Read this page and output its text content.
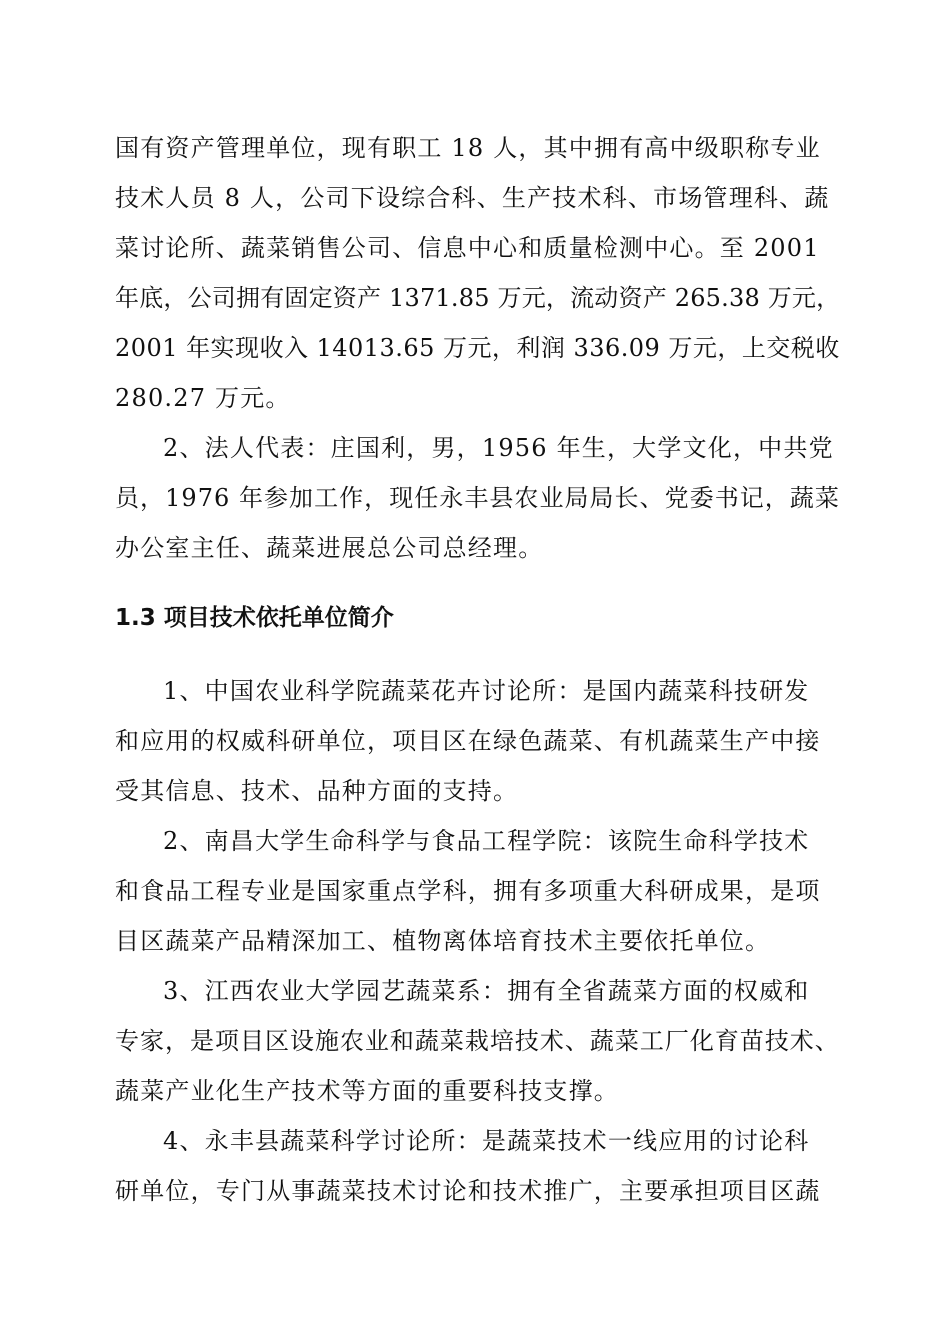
国有资产管理单位，现有职工 18 人，其中拥有高中级职称专业
技术人员 8 人，公司下设综合科、生产技术科、市场管理科、蔬
菜讨论所、蔬菜销售公司、信息中心和质量检测中心。至 2001
年底，公司拥有固定资产 1371.85 万元，流动资产 265.38 万元，
2001 年实现收入 14013.65 万元，利润 336.09 万元，上交税收
280.27 万元。
2、法人代表：庄国利，男，1956 年生，大学文化，中共党
员，1976 年参加工作，现任永丰县农业局局长、党委书记，蔬菜
办公室主任、蔬菜进展总公司总经理。
1.3 项目技术依托单位简介
1、中国农业科学院蔬菜花卉讨论所：是国内蔬菜科技研发
和应用的权威科研单位，项目区在绿色蔬菜、有机蔬菜生产中接
受其信息、技术、品种方面的支持。
2、南昌大学生命科学与食品工程学院：该院生命科学技术
和食品工程专业是国家重点学科，拥有多项重大科研成果，是项
目区蔬菜产品精深加工、植物离体培育技术主要依托单位。
3、江西农业大学园艺蔬菜系：拥有全省蔬菜方面的权威和
专家，是项目区设施农业和蔬菜栽培技术、蔬菜工厂化育苗技术、
蔬菜产业化生产技术等方面的重要科技支撑。
4、永丰县蔬菜科学讨论所：是蔬菜技术一线应用的讨论科
研单位，专门从事蔬菜技术讨论和技术推广，主要承担项目区蔬
